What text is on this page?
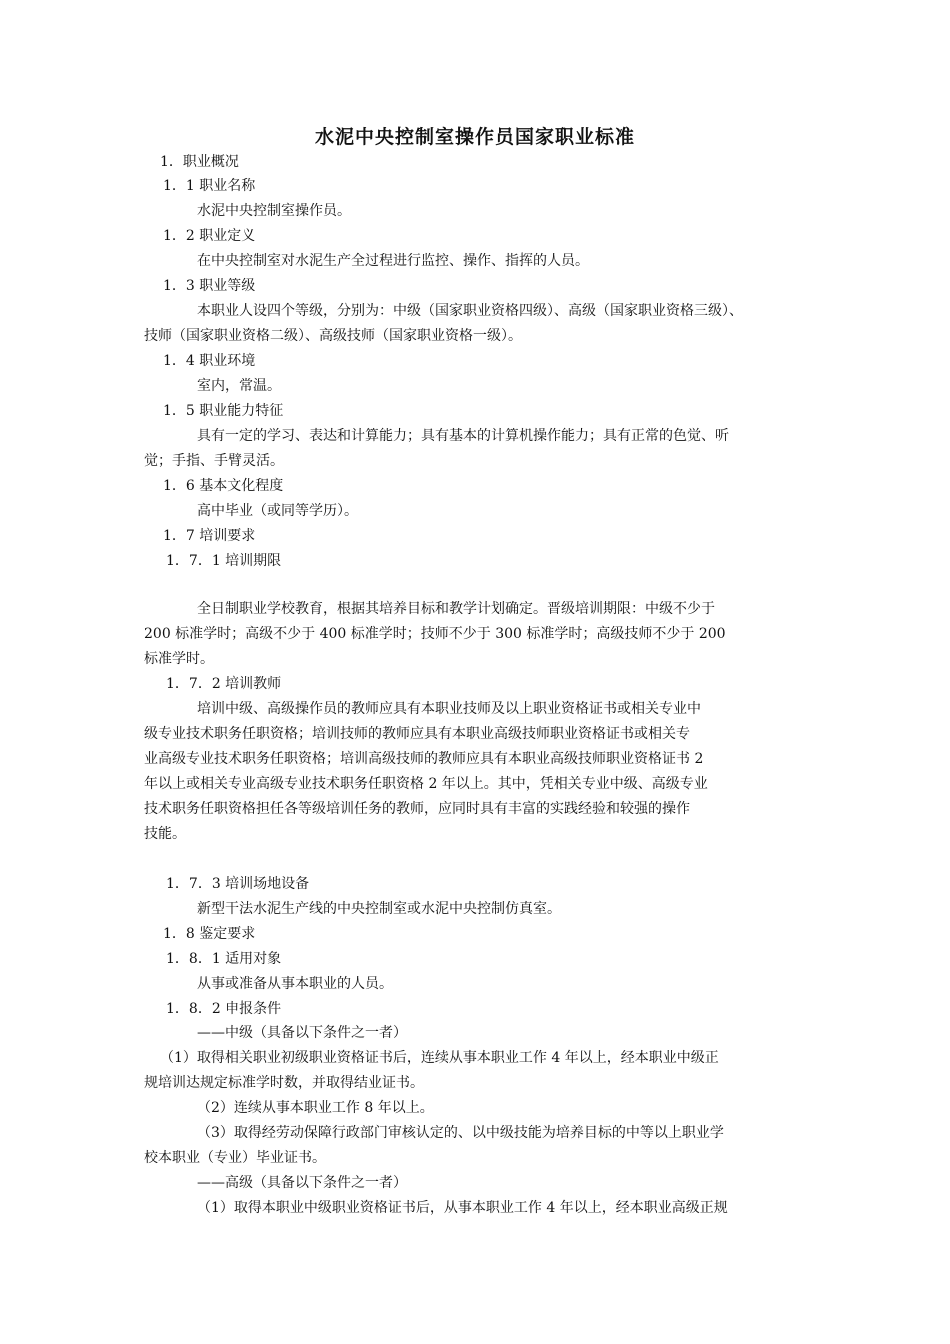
水泥中央控制室操作员国家职业标准

1．职业概况

1．1 职业名称

水泥中央控制室操作员。

1．2 职业定义

在中央控制室对水泥生产全过程进行监控、操作、指挥的人员。

1．3 职业等级

本职业人设四个等级，分别为：中级（国家职业资格四级）、高级（国家职业资格三级）、

技师（国家职业资格二级）、高级技师（国家职业资格一级）。

1．4 职业环境

室内，常温。

1．5 职业能力特征

具有一定的学习、表达和计算能力；具有基本的计算机操作能力；具有正常的色觉、听

觉；手指、手臂灵活。

1．6 基本文化程度

高中毕业（或同等学历）。

1．7 培训要求

1．7．1 培训期限

全日制职业学校教育，根据其培养目标和教学计划确定。晋级培训期限：中级不少于

200 标准学时；高级不少于 400 标准学时；技师不少于 300 标准学时；高级技师不少于 200

标准学时。

1．7．2 培训教师

培训中级、高级操作员的教师应具有本职业技师及以上职业资格证书或相关专业中

级专业技术职务任职资格；培训技师的教师应具有本职业高级技师职业资格证书或相关专

业高级专业技术职务任职资格；培训高级技师的教师应具有本职业高级技师职业资格证书 2

年以上或相关专业高级专业技术职务任职资格 2 年以上。其中，凭相关专业中级、高级专业

技术职务任职资格担任各等级培训任务的教师，应同时具有丰富的实践经验和较强的操作

技能。

1．7．3 培训场地设备

新型干法水泥生产线的中央控制室或水泥中央控制仿真室。

1．8 鉴定要求

1．8．1 适用对象

从事或准备从事本职业的人员。

1．8．2 申报条件

——中级（具备以下条件之一者）

（1）取得相关职业初级职业资格证书后，连续从事本职业工作 4 年以上，经本职业中级正

规培训达规定标准学时数，并取得结业证书。

（2）连续从事本职业工作 8 年以上。

（3）取得经劳动保障行政部门审核认定的、以中级技能为培养目标的中等以上职业学

校本职业（专业）毕业证书。

——高级（具备以下条件之一者）

（1）取得本职业中级职业资格证书后，从事本职业工作 4 年以上，经本职业高级正规
